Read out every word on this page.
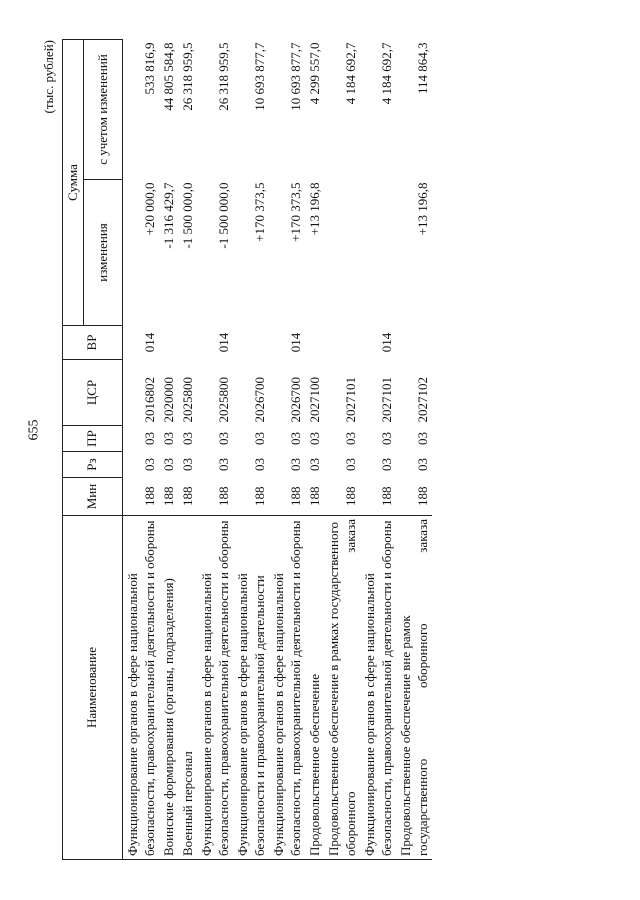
655
(тыс. рублей)
Наименование	Мин	Рз	ПР	ЦСР	ВР	Сумма	
						изменения	с учетом изменений
Функционирование органов в сфере национальной безопасности, правоохранительной деятельности и обороны	188	03	03	2016802	014	+20 000,0	533 816,9
Воинские формирования (органы, подразделения)	188	03	03	2020000		-1 316 429,7	44 805 584,8
Военный персонал	188	03	03	2025800		-1 500 000,0	26 318 959,5
Функционирование органов в сфере национальной безопасности, правоохранительной деятельности и обороны	188	03	03	2025800	014	-1 500 000,0	26 318 959,5
Функционирование органов в сфере национальной безопасности и правоохранительной деятельности	188	03	03	2026700		+170 373,5	10 693 877,7
Функционирование органов в сфере национальной безопасности, правоохранительной деятельности и обороны	188	03	03	2026700	014	+170 373,5	10 693 877,7
Продовольственное обеспечение	188	03	03	2027100		+13 196,8	4 299 557,0
Продовольственное обеспечение в рамках государственного оборонного заказа	188	03	03	2027101			4 184 692,7
Функционирование органов в сфере национальной безопасности, правоохранительной деятельности и обороны	188	03	03	2027101	014		4 184 692,7
Продовольственное обеспечение вне рамок государственного оборонного заказа	188	03	03	2027102		+13 196,8	114 864,3
